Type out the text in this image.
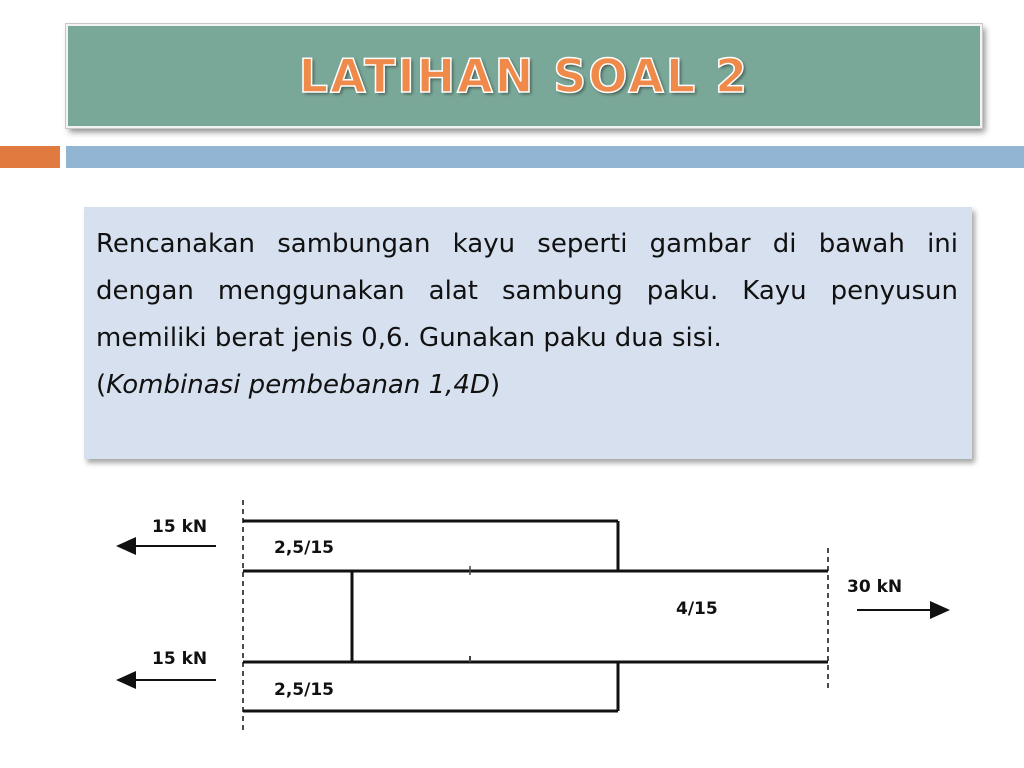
LATIHAN SOAL 2

Rencanakan sambungan kayu seperti gambar di bawah ini dengan menggunakan alat sambung paku. Kayu penyusun memiliki berat jenis 0,6. Gunakan paku dua sisi.

(Kombinasi pembebanan 1,4D)

15 kN
15 kN
30 kN
2,5/15
4/15
2,5/15
